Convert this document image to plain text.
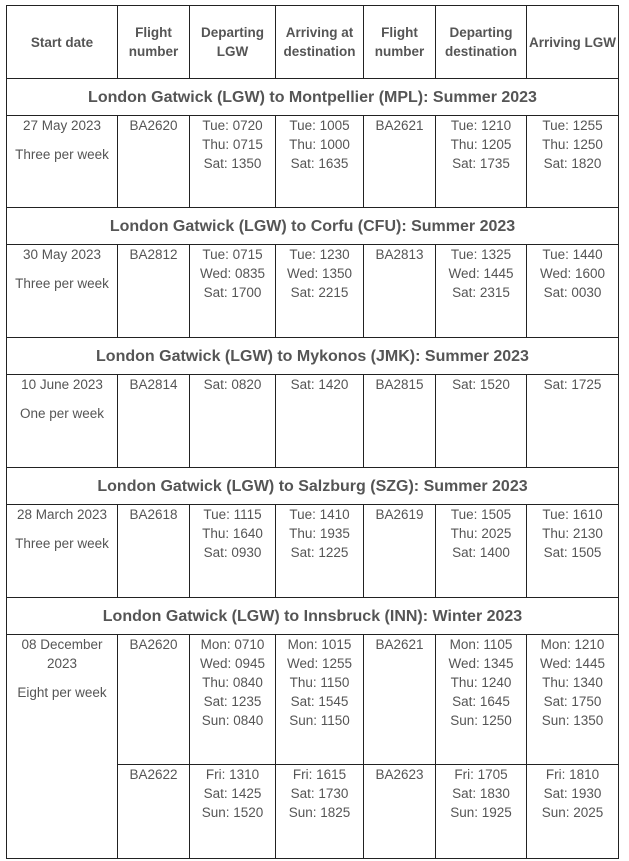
Start date	Flight number	Departing LGW	Arriving at destination	Flight number	Departing destination	Arriving LGW
London Gatwick (LGW) to Montpellier (MPL): Summer 2023						

27 May 2023
Three per week	BA2620	Tue: 0720
Thu: 0715
Sat: 1350	Tue: 1005
Thu: 1000
Sat: 1635	BA2621	Tue: 1210
Thu: 1205
Sat: 1735	Tue: 1255
Thu: 1250
Sat: 1820

London Gatwick (LGW) to Corfu (CFU): Summer 2023						

30 May 2023
Three per week	BA2812	Tue: 0715
Wed: 0835
Sat: 1700	Tue: 1230
Wed: 1350
Sat: 2215	BA2813	Tue: 1325
Wed: 1445
Sat: 2315	Tue: 1440
Wed: 1600
Sat: 0030

London Gatwick (LGW) to Mykonos (JMK): Summer 2023						

10 June 2023
One per week	BA2814	Sat: 0820	Sat: 1420	BA2815	Sat: 1520	Sat: 1725

London Gatwick (LGW) to Salzburg (SZG): Summer 2023						

28 March 2023
Three per week	BA2618	Tue: 1115
Thu: 1640
Sat: 0930	Tue: 1410
Thu: 1935
Sat: 1225	BA2619	Tue: 1505
Thu: 2025
Sat: 1400	Tue: 1610
Thu: 2130
Sat: 1505

London Gatwick (LGW) to Innsbruck (INN): Winter 2023						

08 December 2023
Eight per week	BA2620	Mon: 0710
Wed: 0945
Thu: 0840
Sat: 1235
Sun: 0840	Mon: 1015
Wed: 1255
Thu: 1150
Sat: 1545
Sun: 1150	BA2621	Mon: 1105
Wed: 1345
Thu: 1240
Sat: 1645
Sun: 1250	Mon: 1210
Wed: 1445
Thu: 1340
Sat: 1750
Sun: 1350

	BA2622	Fri: 1310
Sat: 1425
Sun: 1520	Fri: 1615
Sat: 1730
Sun: 1825	BA2623	Fri: 1705
Sat: 1830
Sun: 1925	Fri: 1810
Sat: 1930
Sun: 2025
